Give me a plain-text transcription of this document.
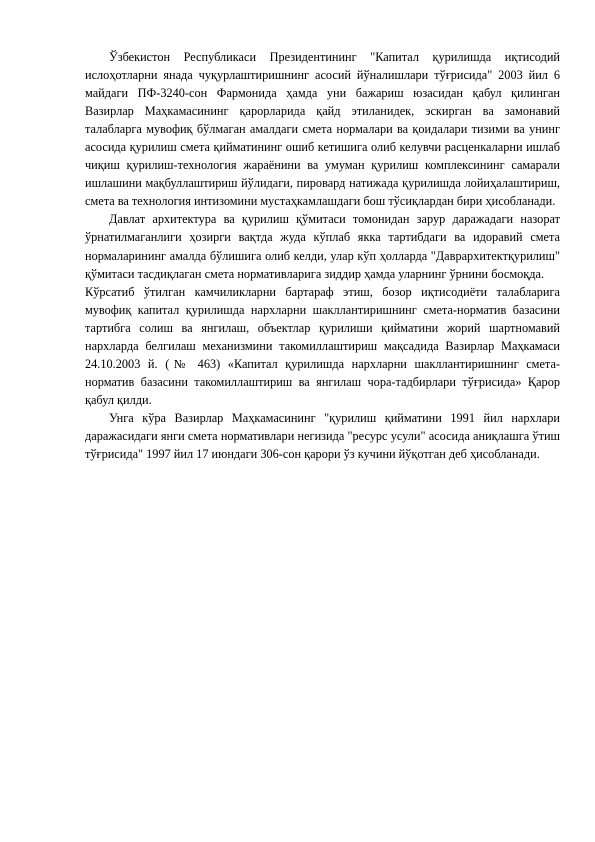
Ўзбекистон Республикаси Президентининг "Капитал қурилишда иқтисодий ислоҳотларни янада чуқурлаштиришнинг асосий йўналишлари тўғрисида" 2003 йил 6 майдаги ПФ-3240-сон Фармонида ҳамда уни бажариш юзасидан қабул қилинган Вазирлар Маҳкамасининг қарорларида қайд этиланидек, эскирган ва замонавий талабларга мувофиқ бўлмаган амалдаги смета нормалари ва қоидалари тизими ва унинг асосида қурилиш смета қийматининг ошиб кетишига олиб келувчи расценкаларни ишлаб чиқиш қурилиш-технология жараёнини ва умуман қурилиш комплексининг самарали ишлашини мақбуллаштириш йўлидаги, пировард натижада қурилишда лойиҳалаштириш, смета ва технология интизомини мустаҳкамлашдаги бош тўсиқлардан бири ҳисобланади.

Давлат архитектура ва қурилиш қўмитаси томонидан зарур даражадаги назорат ўрнатилмаганлиги ҳозирги вақтда жуда кўплаб якка тартибдаги ва идоравий смета нормаларининг амалда бўлишига олиб келди, улар кўп ҳолларда "Даврархитектқурилиш" қўмитаси тасдиқлаган смета нормативларига зиддир ҳамда уларнинг ўрнини босмоқда.

Кўрсатиб ўтилган камчиликларни бартараф этиш, бозор иқтисодиёти талабларига мувофиқ капитал қурилишда нархларни шакллантиришнинг смета-норматив базасини тартибга солиш ва янгилаш, объектлар қурилиши қийматини жорий шартномавий нархларда белгилаш механизмини такомиллаштириш мақсадида Вазирлар Маҳкамаси 24.10.2003 й. (№ 463) «Капитал қурилишда нархларни шакллантиришнинг смета-норматив базасини такомиллаштириш ва янгилаш чора-тадбирлари тўғрисида» Қарор қабул қилди.

Унга кўра Вазирлар Маҳкамасининг "қурилиш қийматини 1991 йил нархлари даражасидаги янги смета нормативлари негизида "ресурс усули" асосида аниқлашга ўтиш тўғрисида" 1997 йил 17 июндаги 306-сон қарори ўз кучини йўқотган деб ҳисобланади.
